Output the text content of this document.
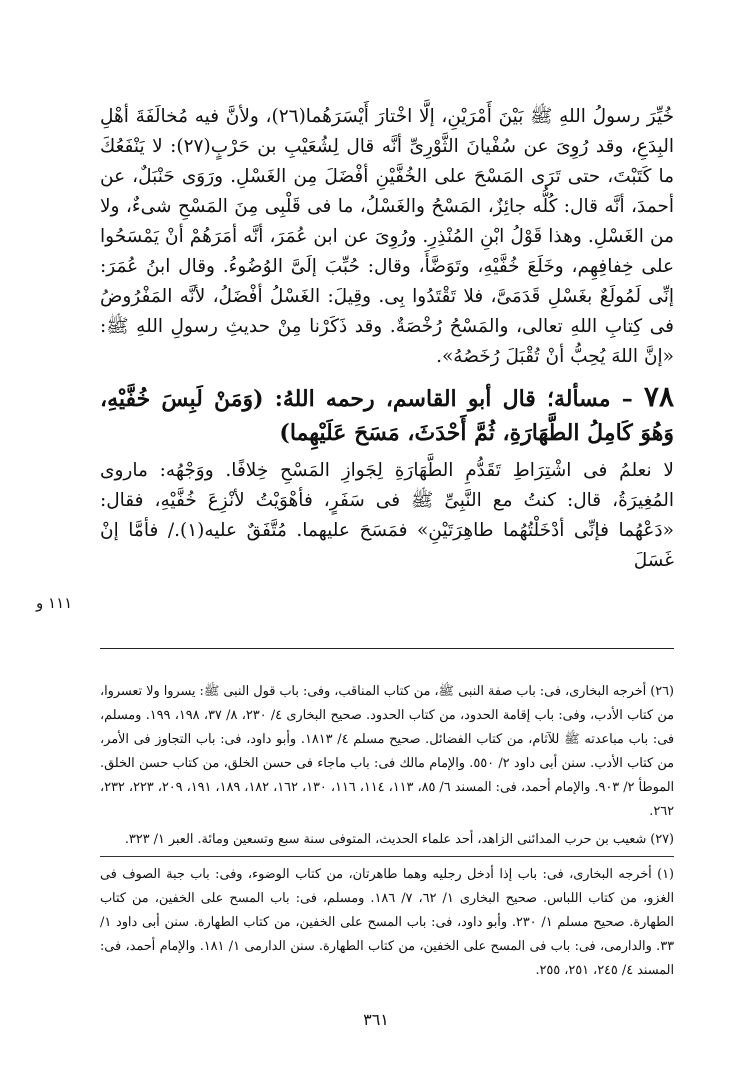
خُيِّرَ رسولُ اللهِ ﷺ بَيْنَ أَمْرَيْنِ، إلَّا اخْتارَ أَيْسَرَهُما(٢٦)، ولأنَّ فيه مُخالَفَةَ أهْلِ البِدَعِ، وقد رُوِىَ عن سُفْيانَ الثَّوْرِىِّ أنَّه قال لِشُعَيْبِ بن حَرْبٍ(٢٧): لا يَنْفَعُكَ ما كَتَبْتَ، حتى تَرَى المَسْحَ على الخُفَّيْنِ أفْضَلَ مِن الغَسْلِ. ورَوَى حَنْبَلٌ، عن أحمدَ، أنَّه قال: كُلُّه جائِزٌ، المَسْحُ والغَسْلُ، ما فى قَلْبِى مِنَ المَسْحِ شىءٌ، ولا من الغَسْلِ. وهذا قَوْلُ ابْنِ المُنْذِرِ. ورُوِىَ عن ابن عُمَرَ، أنَّه أمَرَهُمْ أنْ يَمْسَحُوا على خِفافِهِم، وخَلَعَ خُفَّيْهِ، وتَوَضَّأَ، وقال: حُبِّبَ إلَىَّ الوُضُوءُ. وقال ابنُ عُمَرَ: إنِّى لَمُولَعٌ بغَسْلِ قَدَمَىَّ، فلا تَقْتَدُوا بِى. وقِيلَ: الغَسْلُ أفْضَلُ، لأنَّه المَفْرُوضُ فى كِتابِ اللهِ تعالى، والمَسْحُ رُخْصَةٌ. وقد ذَكَرْنا مِنْ حديثِ رسولِ اللهِ ﷺ: «إنَّ اللهَ يُحِبُّ أنْ تُقْبَلَ رُخَصُهُ».

٧٨ – مسألة؛ قال أبو القاسم، رحمه اللهُ: (وَمَنْ لَبِسَ خُفَّيْهِ، وَهُوَ كَامِلُ الطَّهَارَةِ، ثُمَّ أَحْدَثَ، مَسَحَ عَلَيْهِما)

لا نعلمُ فى اشْتِرَاطِ تَقَدُّمِ الطَّهَارَةِ لِجَوازِ المَسْحِ خِلافًا. ووَجْهُه: ماروى المُغِيرَةُ، قال: كنتُ مع النَّبِىِّ ﷺ فى سَفَرٍ، فأهْوَيْتُ لأنْزِعَ خُفَّيْهِ، فقال: «دَعْهُما فإنِّى أدْخَلْتُهُما طاهِرَتَيْنِ» فمَسَحَ عليهما. مُتَّفَقٌ عليه(١)./ فأمَّا إنْ غَسَلَ

١١١ و

(٢٦) أخرجه البخارى، فى: باب صفة النبى ﷺ، من كتاب المناقب، وفى: باب قول النبى ﷺ: يسروا ولا تعسروا، من كتاب الأدب، وفى: باب إقامة الحدود، من كتاب الحدود. صحيح البخارى ٤/ ٢٣٠، ٨/ ٣٧، ١٩٨، ١٩٩. ومسلم، فى: باب مباعدته ﷺ للآثام، من كتاب الفضائل. صحيح مسلم ٤/ ١٨١٣. وأبو داود، فى: باب التجاوز فى الأمر، من كتاب الأدب. سنن أبى داود ٢/ ٥٥٠. والإمام مالك فى: باب ماجاء فى حسن الخلق، من كتاب حسن الخلق. الموطأ ٢/ ٩٠٣. والإمام أحمد، فى: المسند ٦/ ٨٥، ١١٣، ١١٤، ١١٦، ١٣٠، ١٦٢، ١٨٢، ١٨٩، ١٩١، ٢٠٩، ٢٢٣، ٢٣٢، ٢٦٢.

(٢٧) شعيب بن حرب المدائنى الزاهد، أحد علماء الحديث، المتوفى سنة سبع وتسعين ومائة. العبر ١/ ٣٢٣.

(١) أخرجه البخارى، فى: باب إذا أدخل رجليه وهما طاهرتان، من كتاب الوضوء، وفى: باب جبة الصوف فى الغزو، من كتاب اللباس. صحيح البخارى ١/ ٦٢، ٧/ ١٨٦. ومسلم، فى: باب المسح على الخفين، من كتاب الطهارة. صحيح مسلم ١/ ٢٣٠. وأبو داود، فى: باب المسح على الخفين، من كتاب الطهارة. سنن أبى داود ١/ ٣٣. والدارمى، فى: باب فى المسح على الخفين، من كتاب الطهارة. سنن الدارمى ١/ ١٨١. والإمام أحمد، فى: المسند ٤/ ٢٤٥، ٢٥١، ٢٥٥.

٣٦١
